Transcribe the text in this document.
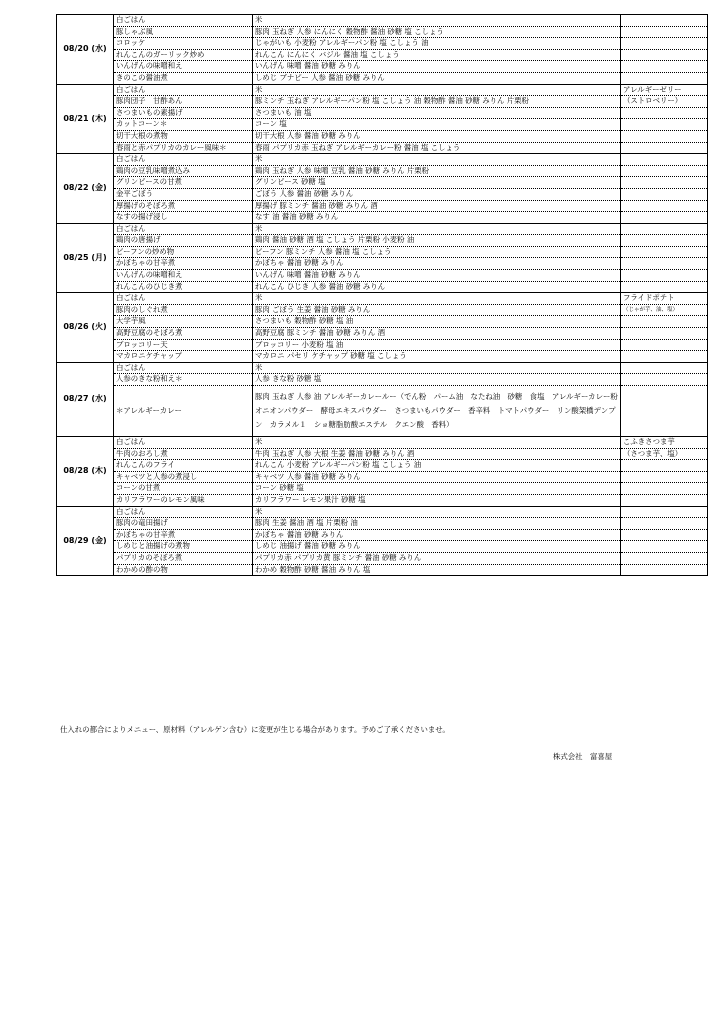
08/20 (水)	白ごはん	米	
	豚しゃぶ風	豚肉 玉ねぎ 人参 にんにく 穀物酢 醤油 砂糖 塩 こしょう	
	コロッケ	じゃがいも 小麦粉 アレルギーパン粉 塩 こしょう 油	
	れんこんのガーリック炒め	れんこん にんにく バジル 醤油 塩 こしょう	
	いんげんの味噌和え	いんげん 味噌 醤油 砂糖 みりん	
	きのこの醤油煮	しめじ ブナピー 人参 醤油 砂糖 みりん	
08/21 (木)	白ごはん	米	アレルギーゼリー
	豚肉団子　甘酢あん	豚ミンチ 玉ねぎ アレルギーパン粉 塩 こしょう 油 穀物酢 醤油 砂糖 みりん 片栗粉	（ストロベリー）
	さつまいもの素揚げ	さつまいも 油 塩	
	カットコーン＊	コーン 塩	
	切干大根の煮物	切干大根 人参 醤油 砂糖 みりん	
	春雨と赤パプリカのカレー風味＊	春雨 パプリカ赤 玉ねぎ アレルギーカレー粉 醤油 塩 こしょう	
08/22 (金)	白ごはん	米	
	鶏肉の豆乳味噌煮込み	鶏肉 玉ねぎ 人参 味噌 豆乳 醤油 砂糖 みりん 片栗粉	
	グリンピースの甘煮	グリンピース 砂糖 塩	
	金平ごぼう	ごぼう 人参 醤油 砂糖 みりん	
	厚揚げのそぼろ煮	厚揚げ 豚ミンチ 醤油 砂糖 みりん 酒	
	なすの揚げ浸し	なす 油 醤油 砂糖 みりん	
08/25 (月)	白ごはん	米	
	鶏肉の唐揚げ	鶏肉 醤油 砂糖 酒 塩 こしょう 片栗粉 小麦粉 油	
	ビーフンの炒め物	ビーフン 豚ミンチ 人参 醤油 塩 こしょう	
	かぼちゃの甘辛煮	かぼちゃ 醤油 砂糖 みりん	
	いんげんの味噌和え	いんげん 味噌 醤油 砂糖 みりん	
	れんこんのひじき煮	れんこん ひじき 人参 醤油 砂糖 みりん	
08/26 (火)	白ごはん	米	フライドポテト
	豚肉のしぐれ煮	豚肉 ごぼう 生姜 醤油 砂糖 みりん	（じゃが芋、油、塩）
	大学芋風	さつまいも 穀物酢 砂糖 塩 油	
	高野豆腐のそぼろ煮	高野豆腐 豚ミンチ 醤油 砂糖 みりん 酒	
	ブロッコリー天	ブロッコリー 小麦粉 塩 油	
	マカロニケチャップ	マカロニ パセリ ケチャップ 砂糖 塩 こしょう	
08/27 (水)	白ごはん	米	
	人参のきな粉和え＊	人参 きな粉 砂糖 塩	
	＊アレルギーカレー	豚肉 玉ねぎ 人参 油 アレルギーカレールー（でん粉　パーム油　なたね油　砂糖　食塩　アレルギーカレー粉　オニオンパウダー　酵母エキスパウダー　さつまいもパウダー　香辛料　トマトパウダー　リン酸架橋デンプン　カラメル１　ショ糖脂肪酸エステル　クエン酸　香料）	
08/28 (木)	白ごはん	米	こふきさつま芋
	牛肉のおろし煮	牛肉 玉ねぎ 人参 大根 生姜 醤油 砂糖 みりん 酒	（さつま芋、塩）
	れんこんのフライ	れんこん 小麦粉 アレルギーパン粉 塩 こしょう 油	
	キャベツと人参の煮浸し	キャベツ 人参 醤油 砂糖 みりん	
	コーンの甘煮	コーン 砂糖 塩	
	カリフラワーのレモン風味	カリフラワー レモン果汁 砂糖 塩	
08/29 (金)	白ごはん	米	
	豚肉の竜田揚げ	豚肉 生姜 醤油 酒 塩 片栗粉 油	
	かぼちゃの甘辛煮	かぼちゃ 醤油 砂糖 みりん	
	しめじと油揚げの煮物	しめじ 油揚げ 醤油 砂糖 みりん	
	パプリカのそぼろ煮	パプリカ赤 パプリカ黄 豚ミンチ 醤油 砂糖 みりん	
	わかめの酢の物	わかめ 穀物酢 砂糖 醤油 みりん 塩	
仕入れの都合によりメニュー、原材料（アレルゲン含む）に変更が生じる場合があります。予めご了承くださいませ。
株式会社　富喜屋
